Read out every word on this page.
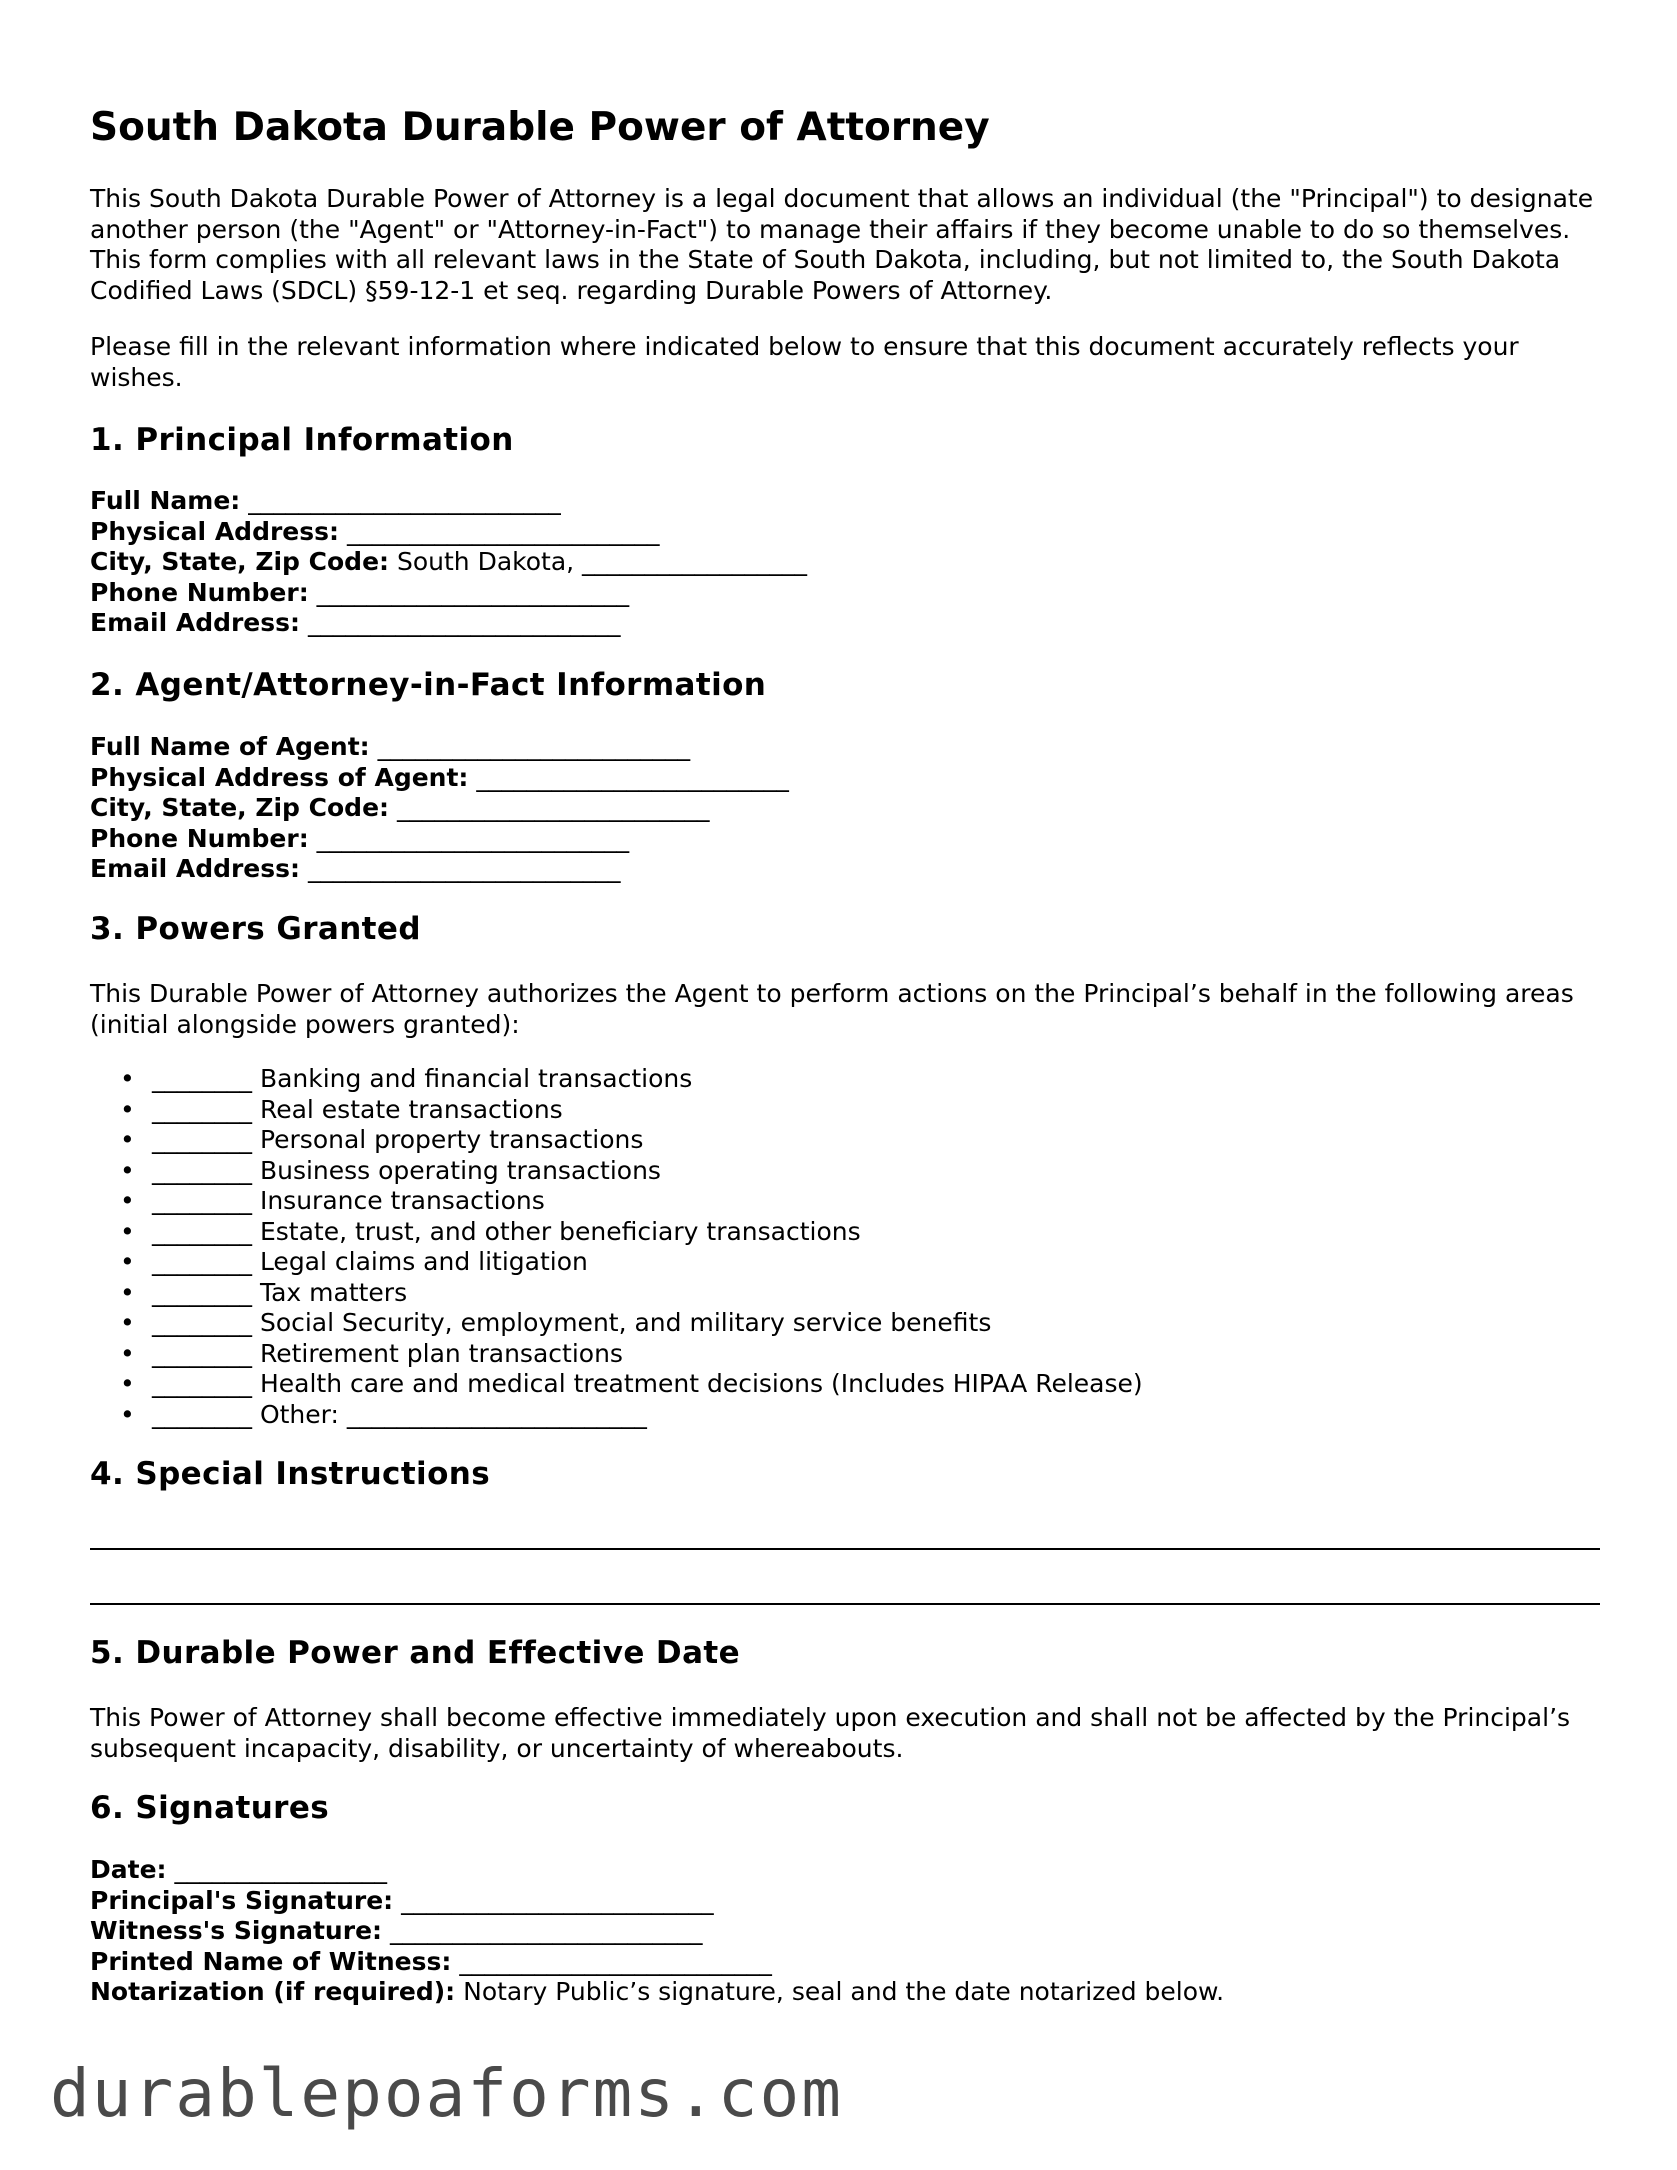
South Dakota Durable Power of Attorney

This South Dakota Durable Power of Attorney is a legal document that allows an individual (the "Principal") to designate another person (the "Agent" or "Attorney-in-Fact") to manage their affairs if they become unable to do so themselves. This form complies with all relevant laws in the State of South Dakota, including, but not limited to, the South Dakota Codified Laws (SDCL) §59-12-1 et seq. regarding Durable Powers of Attorney.

Please fill in the relevant information where indicated below to ensure that this document accurately reflects your wishes.

1. Principal Information
Full Name: _________________________
Physical Address: _________________________
City, State, Zip Code: South Dakota, __________________
Phone Number: _________________________
Email Address: _________________________
2. Agent/Attorney-in-Fact Information
Full Name of Agent: _________________________
Physical Address of Agent: _________________________
City, State, Zip Code: _________________________
Phone Number: _________________________
Email Address: _________________________
3. Powers Granted

This Durable Power of Attorney authorizes the Agent to perform actions on the Principal’s behalf in the following areas (initial alongside powers granted):

• ________ Banking and financial transactions
• ________ Real estate transactions
• ________ Personal property transactions
• ________ Business operating transactions
• ________ Insurance transactions
• ________ Estate, trust, and other beneficiary transactions
• ________ Legal claims and litigation
• ________ Tax matters
• ________ Social Security, employment, and military service benefits
• ________ Retirement plan transactions
• ________ Health care and medical treatment decisions (Includes HIPAA Release)
• ________ Other: ________________________
4. Special Instructions
5. Durable Power and Effective Date

This Power of Attorney shall become effective immediately upon execution and shall not be affected by the Principal’s subsequent incapacity, disability, or uncertainty of whereabouts.

6. Signatures
Date: _________________
Principal's Signature: _________________________
Witness's Signature: _________________________
Printed Name of Witness: _________________________
Notarization (if required): Notary Public’s signature, seal and the date notarized below.
durablepoaforms.com
